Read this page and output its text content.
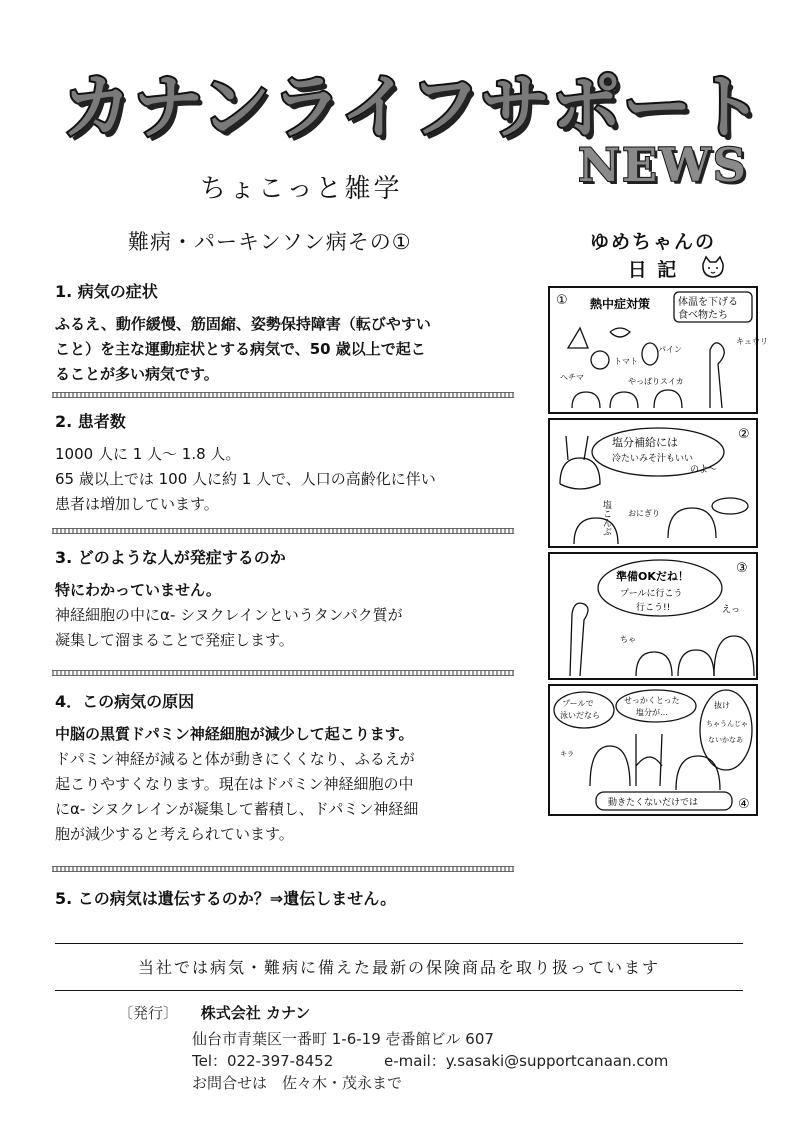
カナンライフサポート
NEWS
ちょこっと雑学
難病・パーキンソン病その①
1. 病気の症状
ふるえ、動作緩慢、筋固縮、姿勢保持障害（転びやすい
こと）を主な運動症状とする病気で、50 歳以上で起こ
ることが多い病気です。
2. 患者数
1000 人に 1 人〜 1.8 人。
65 歳以上では 100 人に約 1 人で、人口の高齢化に伴い
患者は増加しています。
3. どのような人が発症するのか
特にわかっていません。
神経細胞の中にα‐ シヌクレインというタンパク質が
凝集して溜まることで発症します。
4．この病気の原因
中脳の黒質ドパミン神経細胞が減少して起こります。
ドパミン神経が減ると体が動きにくくなり、ふるえが
起こりやすくなります。現在はドパミン神経細胞の中
にα‐ シヌクレインが凝集して蓄積し、ドパミン神経細
胞が減少すると考えられています。
5. この病気は遺伝するのか？⇒遺伝しません。
ゆめちゃんの
日 記
① 熱中症対策	体温を下げる
食べ物たち
トマト
パイン
キュウリ
ヘチマ	やっぱりスイカ
②
塩分補給には
冷たいみそ汁もいい
のよ〜
塩こんぶ おにぎり
③
準備OKだね！
プールに行こう
行こう!!	えっ
ちゃ
④
プールで
泳いだなら
せっかくとった
塩分が…
抜け
ちゃうんじゃ
ないかなあ
キラ
動きたくないだけでは
当社では病気・難病に備えた最新の保険商品を取り扱っています
〔発行〕 株式会社 カナン
仙台市青葉区一番町 1-6-19 壱番館ビル 607
Tel：022-397-8452	e-mail：y.sasaki@supportcanaan.com
お問合せは　佐々木・茂永まで
